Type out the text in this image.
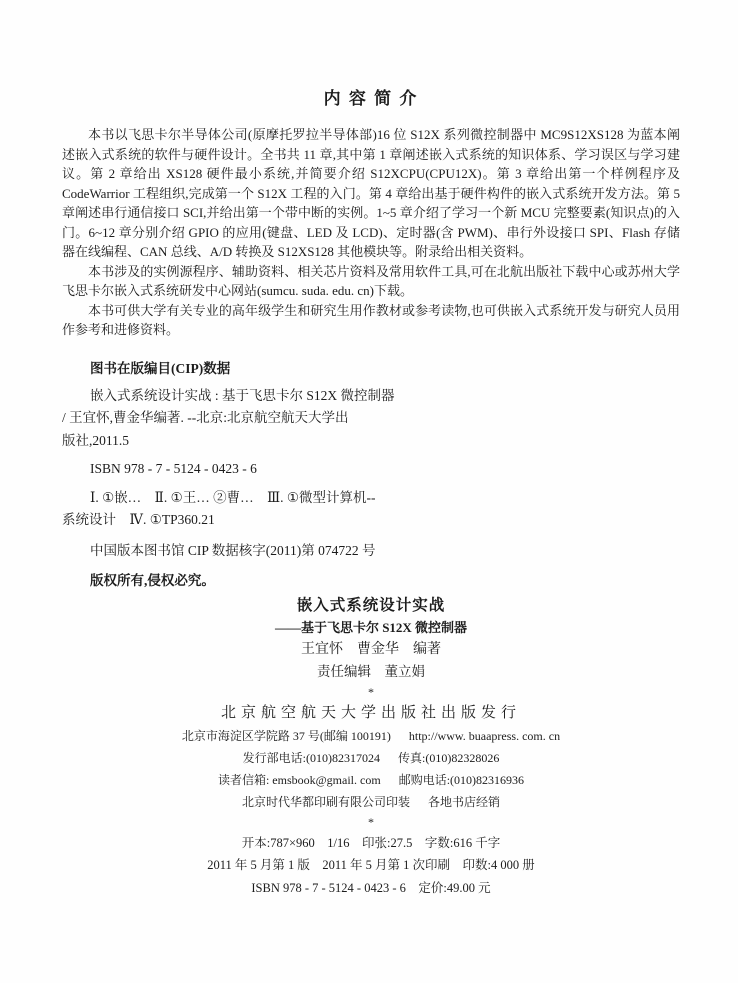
内 容 简 介

本书以飞思卡尔半导体公司(原摩托罗拉半导体部)16 位 S12X 系列微控制器中 MC9S12XS128 为蓝本阐述嵌入式系统的软件与硬件设计。全书共 11 章,其中第 1 章阐述嵌入式系统的知识体系、学习误区与学习建议。第 2 章给出 XS128 硬件最小系统,并简要介绍 S12XCPU(CPU12X)。第 3 章给出第一个样例程序及 CodeWarrior 工程组织,完成第一个 S12X 工程的入门。第 4 章给出基于硬件构件的嵌入式系统开发方法。第 5 章阐述串行通信接口 SCI,并给出第一个带中断的实例。1~5 章介绍了学习一个新 MCU 完整要素(知识点)的入门。6~12 章分别介绍 GPIO 的应用(键盘、LED 及 LCD)、定时器(含 PWM)、串行外设接口 SPI、Flash 存储器在线编程、CAN 总线、A/D 转换及 S12XS128 其他模块等。附录给出相关资料。

本书涉及的实例源程序、辅助资料、相关芯片资料及常用软件工具,可在北航出版社下载中心或苏州大学飞思卡尔嵌入式系统研发中心网站(sumcu. suda. edu. cn)下载。

本书可供大学有关专业的高年级学生和研究生用作教材或参考读物,也可供嵌入式系统开发与研究人员用作参考和进修资料。

图书在版编目(CIP)数据
嵌入式系统设计实战 : 基于飞思卡尔 S12X 微控制器
/ 王宜怀,曹金华编著. --北京:北京航空航天大学出
版社,2011.5
ISBN 978 - 7 - 5124 - 0423 - 6
Ⅰ. ①嵌…　Ⅱ. ①王… ②曹…　Ⅲ. ①微型计算机--
系统设计　Ⅳ. ①TP360.21
中国版本图书馆 CIP 数据核字(2011)第 074722 号
版权所有,侵权必究。
嵌入式系统设计实战
——基于飞思卡尔 S12X 微控制器
王宜怀　曹金华　编著
责任编辑　董立娟
*
北京航空航天大学出版社出版发行
北京市海淀区学院路 37 号(邮编 100191) http://www. buaapress. com. cn
发行部电话:(010)82317024 传真:(010)82328026
读者信箱: emsbook@gmail. com 邮购电话:(010)82316936
北京时代华都印刷有限公司印装 各地书店经销
*
开本:787×960　1/16　印张:27.5　字数:616 千字
2011 年 5 月第 1 版　2011 年 5 月第 1 次印刷　印数:4 000 册
ISBN 978 - 7 - 5124 - 0423 - 6　定价:49.00 元
